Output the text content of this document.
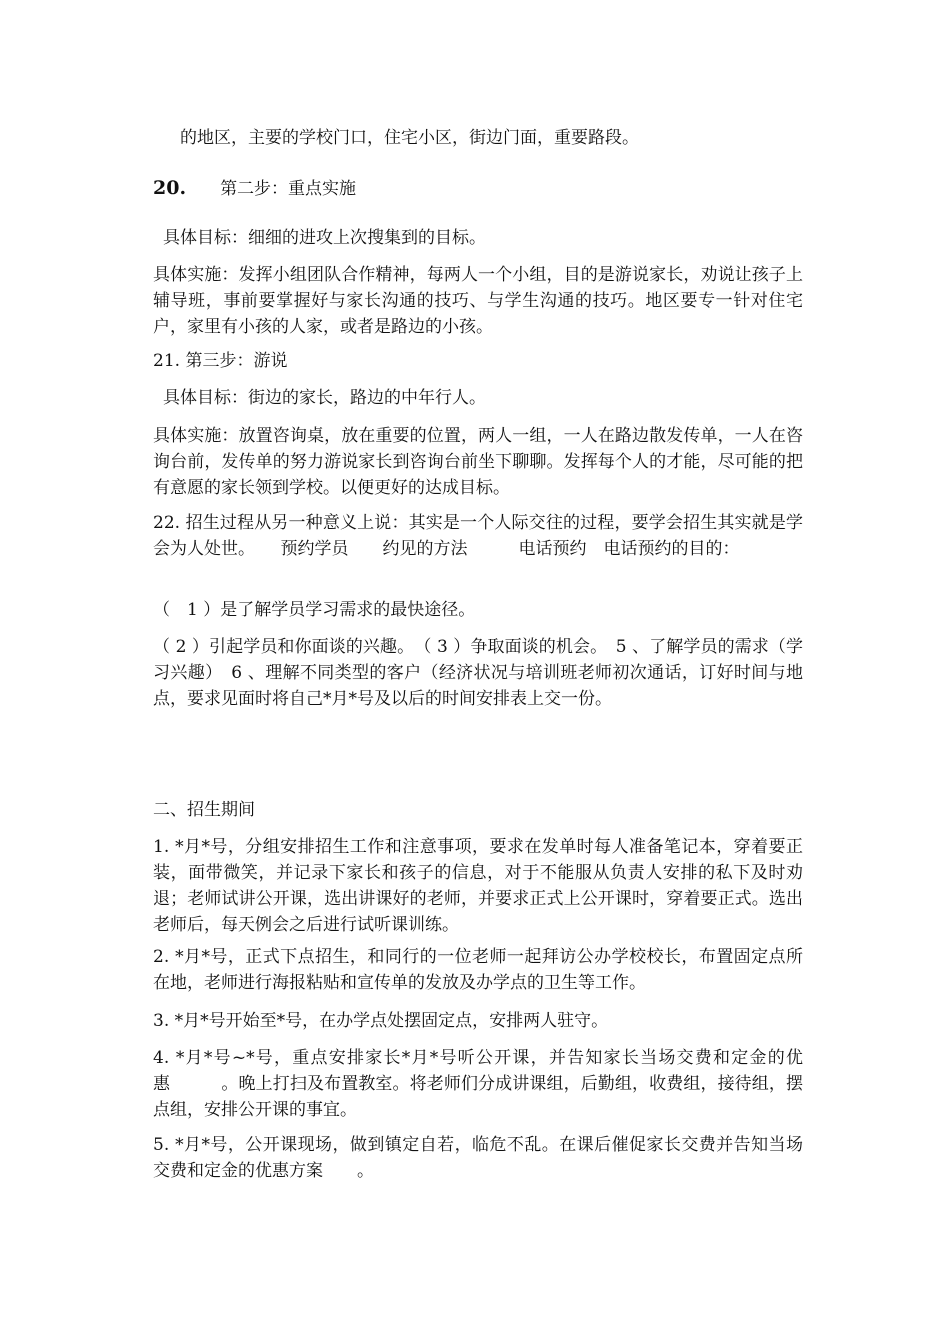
的地区，主要的学校门口，住宅小区，街边门面，重要路段。
20. 第二步：重点实施
具体目标：细细的进攻上次搜集到的目标。
具体实施：发挥小组团队合作精神，每两人一个小组，目的是游说家长，劝说让孩子上辅导班，事前要掌握好与家长沟通的技巧、与学生沟通的技巧。地区要专一针对住宅户，家里有小孩的人家，或者是路边的小孩。
21. 第三步：游说
具体目标：街边的家长，路边的中年行人。
具体实施：放置咨询桌，放在重要的位置，两人一组，一人在路边散发传单，一人在咨询台前，发传单的努力游说家长到咨询台前坐下聊聊。发挥每个人的才能，尽可能的把有意愿的家长领到学校。以便更好的达成目标。
22. 招生过程从另一种意义上说：其实是一个人际交往的过程，要学会招生其实就是学会为人处世。　　预约学员　　约见的方法　　　电话预约　电话预约的目的：
（　1 ）是了解学员学习需求的最快途径。
（ 2 ）引起学员和你面谈的兴趣。　（ 3 ）争取面谈的机会。　5 、了解学员的需求（学习兴趣）　6 、理解不同类型的客户（经济状况与培训班老师初次通话，订好时间与地点，要求见面时将自己*月*号及以后的时间安排表上交一份。
二、招生期间
1. *月*号，分组安排招生工作和注意事项，要求在发单时每人准备笔记本，穿着要正装，面带微笑，并记录下家长和孩子的信息，对于不能服从负责人安排的私下及时劝退；老师试讲公开课，选出讲课好的老师，并要求正式上公开课时，穿着要正式。选出老师后，每天例会之后进行试听课训练。
2. *月*号，正式下点招生，和同行的一位老师一起拜访公办学校校长，布置固定点所在地，老师进行海报粘贴和宣传单的发放及办学点的卫生等工作。
3. *月*号开始至*号，在办学点处摆固定点，安排两人驻守。
4. *月*号~*号，重点安排家长*月*号听公开课，并告知家长当场交费和定金的优惠　　　。晚上打扫及布置教室。将老师们分成讲课组，后勤组，收费组，接待组，摆点组，安排公开课的事宜。
5. *月*号，公开课现场，做到镇定自若，临危不乱。在课后催促家长交费并告知当场交费和定金的优惠方案　　。
